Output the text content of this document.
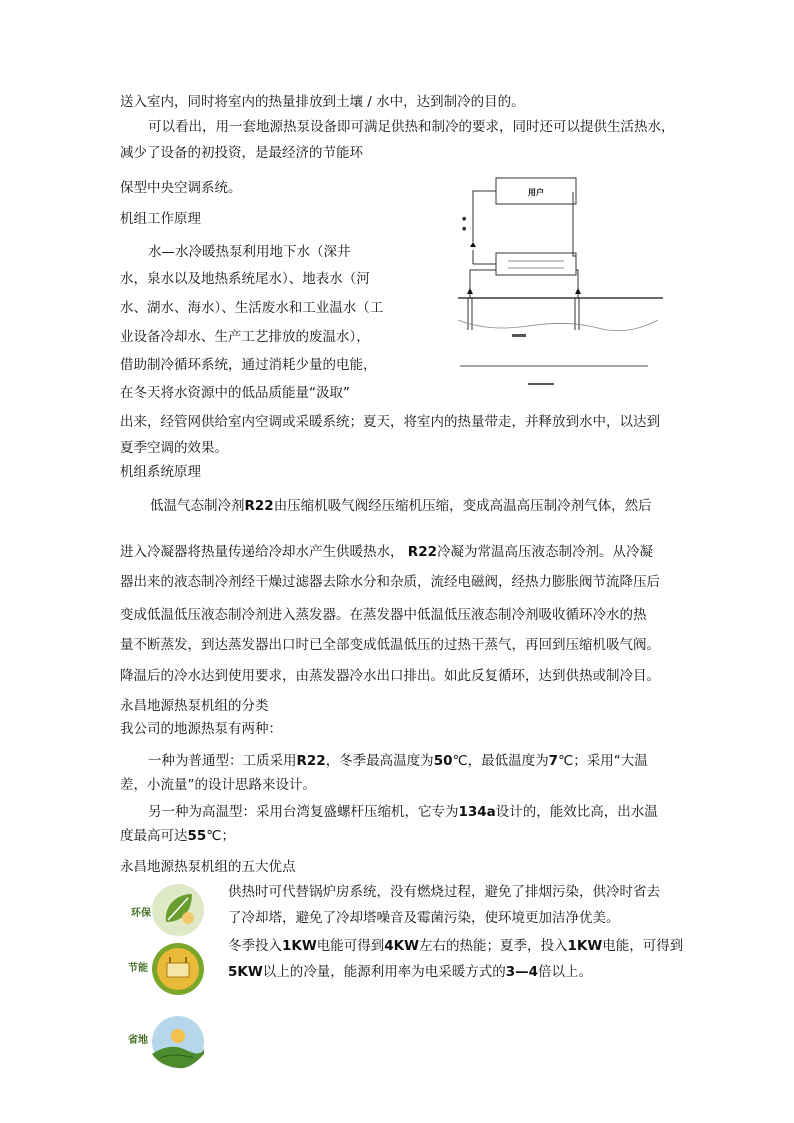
送入室内，同时将室内的热量排放到土壤 / 水中，达到制冷的目的。
可以看出，用一套地源热泵设备即可满足供热和制冷的要求，同时还可以提供生活热水，
减少了设备的初投资，是最经济的节能环
保型中央空调系统。
机组工作原理
水—水冷暖热泵利用地下水（深井
水，泉水以及地热系统尾水）、地表水（河
水、湖水、海水）、生活废水和工业温水（工
业设备冷却水、生产工艺排放的废温水），
借助制冷循环系统，通过消耗少量的电能，
在冬天将水资源中的低品质能量“汲取”
出来，经管网供给室内空调或采暖系统；夏天，将室内的热量带走，并释放到水中，以达到
夏季空调的效果。
机组系统原理
低温气态制冷剂R22由压缩机吸气阀经压缩机压缩，变成高温高压制冷剂气体，然后
进入冷凝器将热量传递给冷却水产生供暖热水， R22冷凝为常温高压液态制冷剂。从冷凝
器出来的液态制冷剂经干燥过滤器去除水分和杂质，流经电磁阀，经热力膨胀阀节流降压后
变成低温低压液态制冷剂进入蒸发器。在蒸发器中低温低压液态制冷剂吸收循环冷水的热
量不断蒸发，到达蒸发器出口时已全部变成低温低压的过热干蒸气，再回到压缩机吸气阀。
降温后的冷水达到使用要求，由蒸发器冷水出口排出。如此反复循环，达到供热或制冷目。
永昌地源热泵机组的分类
我公司的地源热泵有两种：
一种为普通型：工质采用R22，冬季最高温度为50℃，最低温度为7℃；采用“大温
差，小流量”的设计思路来设计。
另一种为高温型：采用台湾复盛螺杆压缩机，它专为134a设计的，能效比高，出水温
度最高可达55℃；
永昌地源热泵机组的五大优点
供热时可代替锅炉房系统，没有燃烧过程，避免了排烟污染，供冷时省去
了冷却塔，避免了冷却塔噪音及霉菌污染，使环境更加洁净优美。
冬季投入1KW电能可得到4KW左右的热能；夏季，投入1KW电能，可得到
5KW以上的冷量，能源利用率为电采暖方式的3—4倍以上。
用户
●
●
环保
节能
省地
